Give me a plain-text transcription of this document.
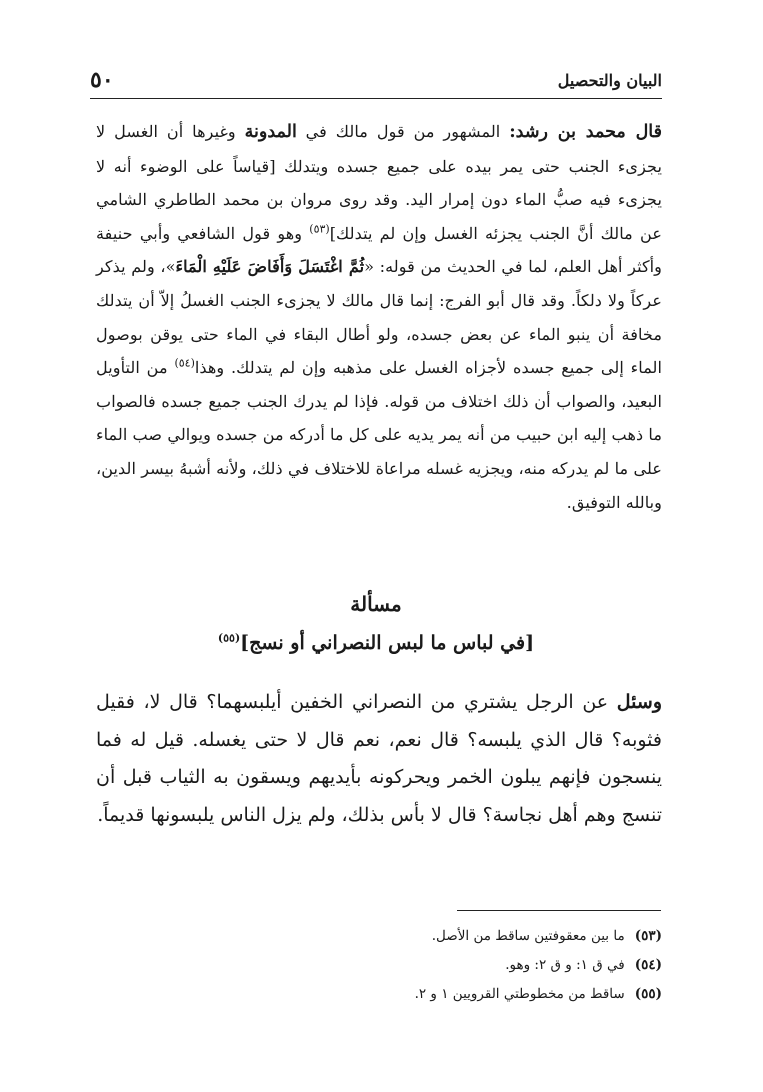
البيان والتحصيل
٥٠
قال محمد بن رشد: المشهور من قول مالك في المدونة وغيرها أن الغسل لا يجزىء الجنب حتى يمر بيده على جميع جسده ويتدلك [قياساً على الوضوء أنه لا يجزىء فيه صبُّ الماء دون إمرار اليد. وقد روى مروان بن محمد الطاطري الشامي عن مالك أنَّ الجنب يجزئه الغسل وإن لم يتدلك]$^{(٥٣)}$ وهو قول الشافعي وأبي حنيفة وأكثر أهل العلم، لما في الحديث من قوله: «ثُمَّ اغْتَسَلَ وَأَفَاضَ عَلَيْهِ الْمَاءَ»، ولم يذكر عركاً ولا دلكاً. وقد قال أبو الفرج: إنما قال مالك لا يجزىء الجنب الغسلُ إلاّ أن يتدلك مخافة أن ينبو الماء عن بعض جسده، ولو أطال البقاء في الماء حتى يوقن بوصول الماء إلى جميع جسده لأجزاه الغسل على مذهبه وإن لم يتدلك. وهذا$^{(٥٤)}$ من التأويل البعيد، والصواب أن ذلك اختلاف من قوله. فإذا لم يدرك الجنب جميع جسده فالصواب ما ذهب إليه ابن حبيب من أنه يمر يديه على كل ما أدركه من جسده ويوالي صب الماء على ما لم يدركه منه، ويجزيه غسله مراعاة للاختلاف في ذلك، ولأنه أشبهُ بيسر الدين، وبالله التوفيق.
مسألة
[في لباس ما لبس النصراني أو نسج]$^{(٥٥)}$
وسئل عن الرجل يشتري من النصراني الخفين أيلبسهما؟ قال لا، فقيل فثوبه؟ قال الذي يلبسه؟ قال نعم، نعم قال لا حتى يغسله. قيل له فما ينسجون فإنهم يبلون الخمر ويحركونه بأيديهم ويسقون به الثياب قبل أن تنسج وهم أهل نجاسة؟ قال لا بأس بذلك، ولم يزل الناس يلبسونها قديماً.
(٥٣)
ما بين معقوفتين ساقط من الأصل.
(٥٤)
في ق ١: و ق ٢: وهو.
(٥٥)
ساقط من مخطوطتي القرويين ١ و ٢.
